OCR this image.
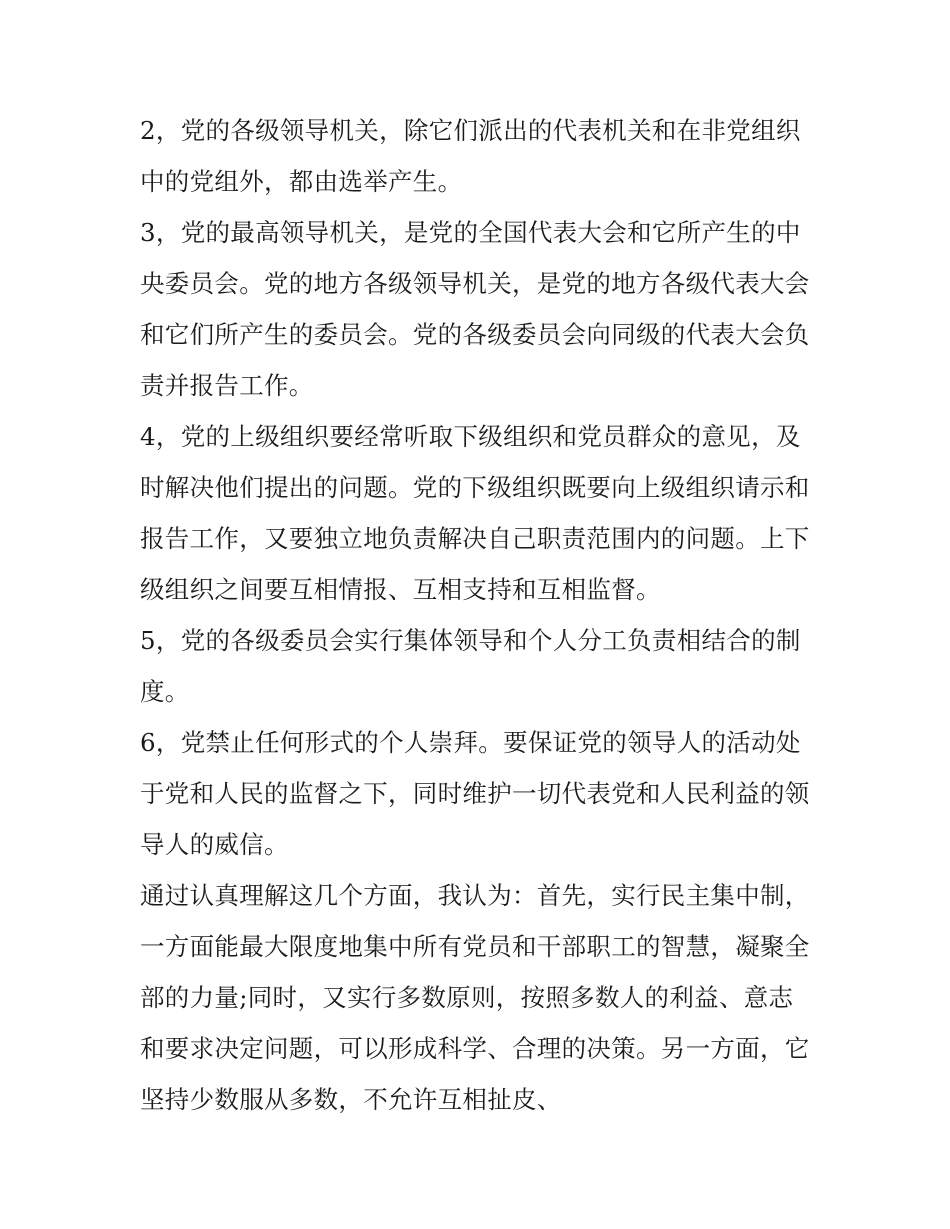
2，党的各级领导机关，除它们派出的代表机关和在非党组织中的党组外，都由选举产生。

3，党的最高领导机关，是党的全国代表大会和它所产生的中央委员会。党的地方各级领导机关，是党的地方各级代表大会和它们所产生的委员会。党的各级委员会向同级的代表大会负责并报告工作。

4，党的上级组织要经常听取下级组织和党员群众的意见，及时解决他们提出的问题。党的下级组织既要向上级组织请示和报告工作，又要独立地负责解决自己职责范围内的问题。上下级组织之间要互相情报、互相支持和互相监督。

5，党的各级委员会实行集体领导和个人分工负责相结合的制度。

6，党禁止任何形式的个人崇拜。要保证党的领导人的活动处于党和人民的监督之下，同时维护一切代表党和人民利益的领导人的威信。

通过认真理解这几个方面，我认为：首先，实行民主集中制，一方面能最大限度地集中所有党员和干部职工的智慧，凝聚全部的力量;同时，又实行多数原则，按照多数人的利益、意志和要求决定问题，可以形成科学、合理的决策。另一方面，它坚持少数服从多数，不允许互相扯皮、
